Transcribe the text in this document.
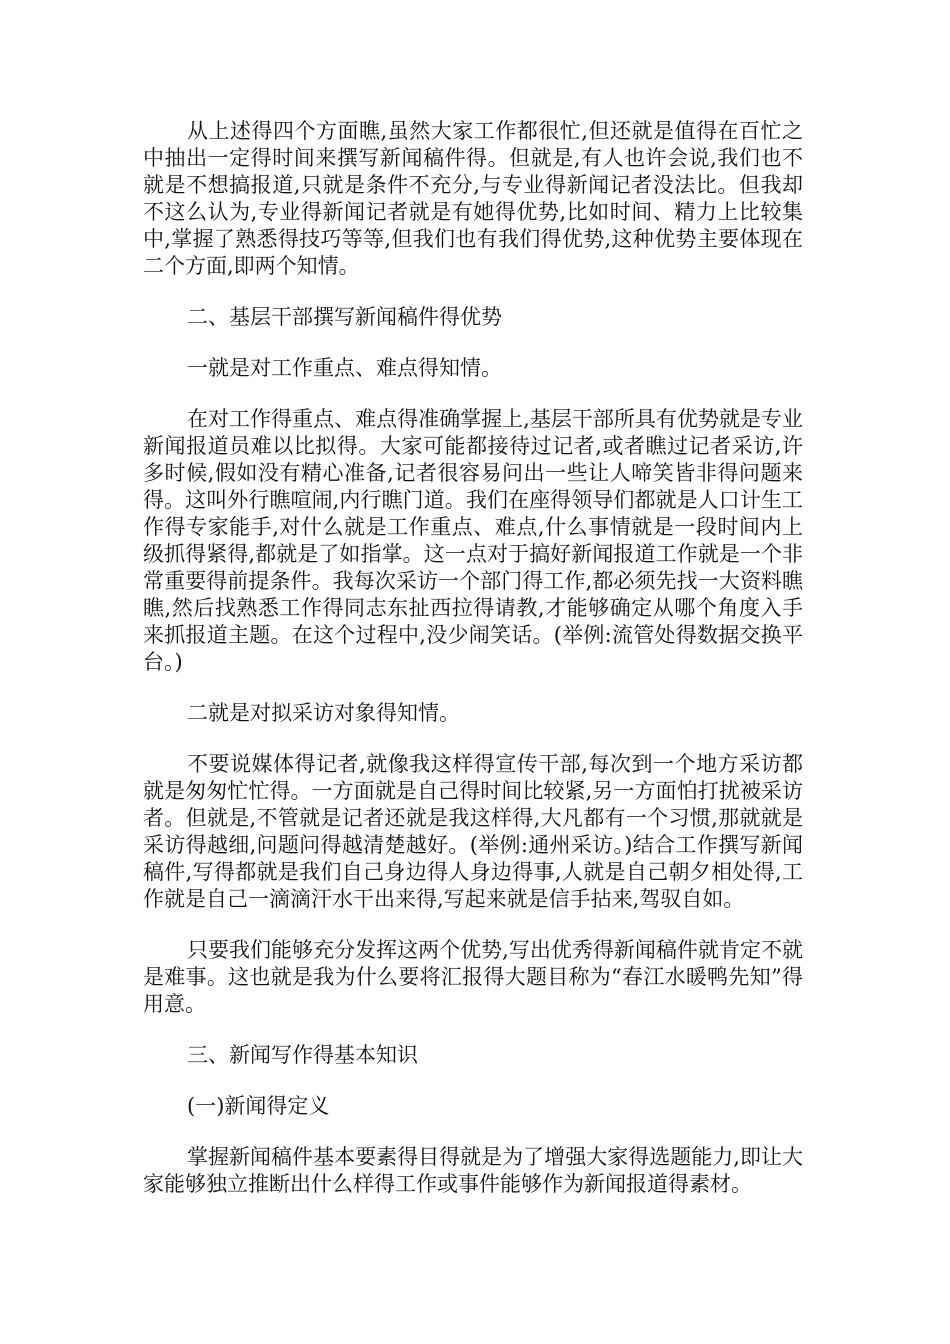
从上述得四个方面瞧,虽然大家工作都很忙,但还就是值得在百忙之中抽出一定得时间来撰写新闻稿件得。但就是,有人也许会说,我们也不就是不想搞报道,只就是条件不充分,与专业得新闻记者没法比。但我却不这么认为,专业得新闻记者就是有她得优势,比如时间、精力上比较集中,掌握了熟悉得技巧等等,但我们也有我们得优势,这种优势主要体现在二个方面,即两个知情。

二、基层干部撰写新闻稿件得优势

一就是对工作重点、难点得知情。

在对工作得重点、难点得准确掌握上,基层干部所具有优势就是专业新闻报道员难以比拟得。大家可能都接待过记者,或者瞧过记者采访,许多时候,假如没有精心准备,记者很容易问出一些让人啼笑皆非得问题来得。这叫外行瞧喧闹,内行瞧门道。我们在座得领导们都就是人口计生工作得专家能手,对什么就是工作重点、难点,什么事情就是一段时间内上级抓得紧得,都就是了如指掌。这一点对于搞好新闻报道工作就是一个非常重要得前提条件。我每次采访一个部门得工作,都必须先找一大资料瞧瞧,然后找熟悉工作得同志东扯西拉得请教,才能够确定从哪个角度入手来抓报道主题。在这个过程中,没少闹笑话。(举例:流管处得数据交换平台。)

二就是对拟采访对象得知情。

不要说媒体得记者,就像我这样得宣传干部,每次到一个地方采访都就是匆匆忙忙得。一方面就是自己得时间比较紧,另一方面怕打扰被采访者。但就是,不管就是记者还就是我这样得,大凡都有一个习惯,那就就是采访得越细,问题问得越清楚越好。(举例:通州采访。)结合工作撰写新闻稿件,写得都就是我们自己身边得人身边得事,人就是自己朝夕相处得,工作就是自己一滴滴汗水干出来得,写起来就是信手拈来,驾驭自如。

只要我们能够充分发挥这两个优势,写出优秀得新闻稿件就肯定不就是难事。这也就是我为什么要将汇报得大题目称为“春江水暖鸭先知”得用意。

三、新闻写作得基本知识

(一)新闻得定义

掌握新闻稿件基本要素得目得就是为了增强大家得选题能力,即让大家能够独立推断出什么样得工作或事件能够作为新闻报道得素材。
